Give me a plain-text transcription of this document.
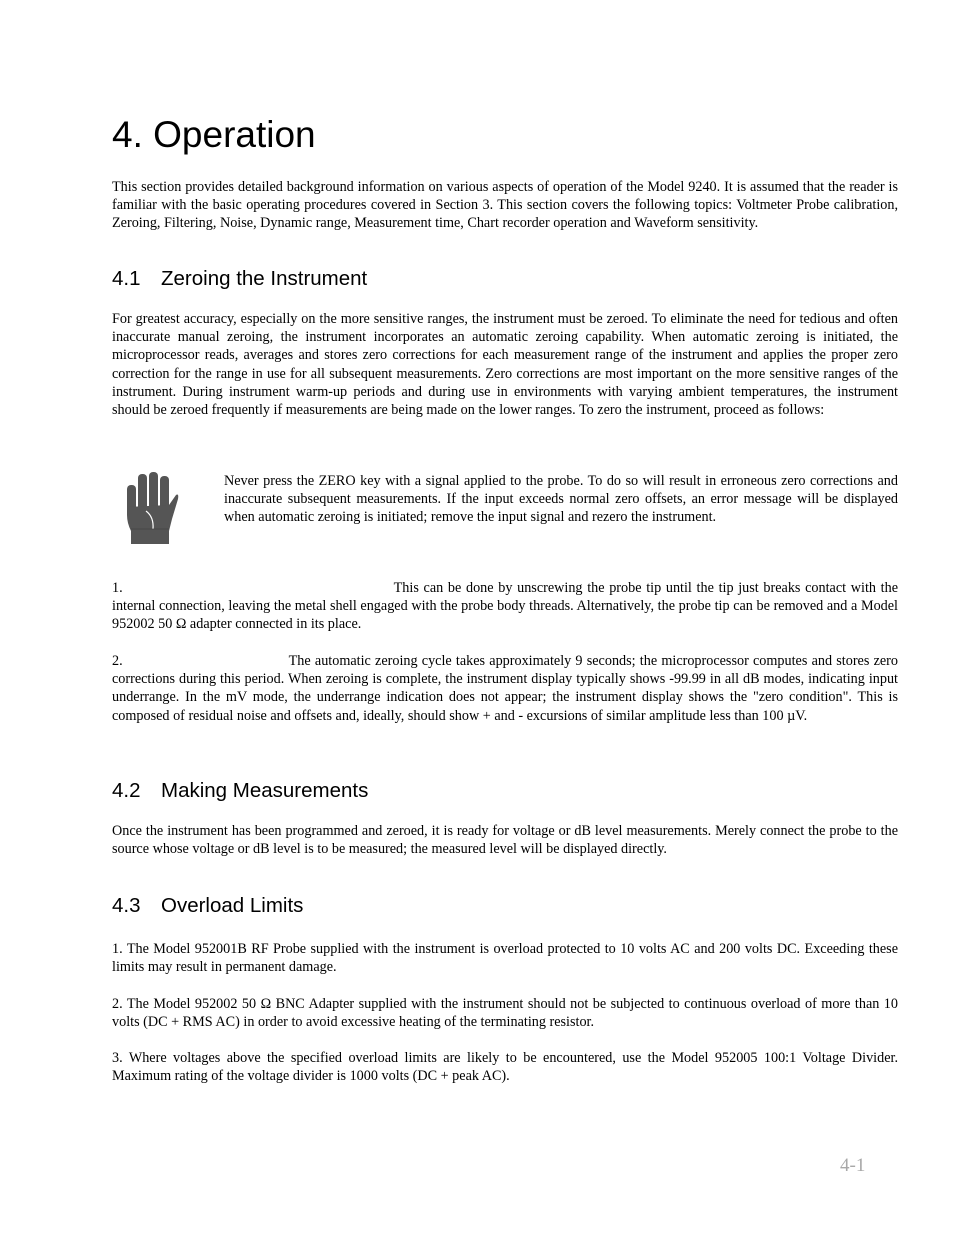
4. Operation

This section provides detailed background information on various aspects of operation of the Model 9240. It is assumed that the reader is familiar with the basic operating procedures covered in Section 3. This section covers the following topics: Voltmeter Probe calibration, Zeroing, Filtering, Noise, Dynamic range, Measurement time, Chart recorder operation and Waveform sensitivity.

4.1 Zeroing the Instrument

For greatest accuracy, especially on the more sensitive ranges, the instrument must be zeroed. To eliminate the need for tedious and often inaccurate manual zeroing, the instrument incorporates an automatic zeroing capability. When automatic zeroing is initiated, the microprocessor reads, averages and stores zero corrections for each measurement range of the instrument and applies the proper zero correction for the range in use for all subsequent measurements. Zero corrections are most important on the more sensitive ranges of the instrument. During instrument warm-up periods and during use in environments with varying ambient temperatures, the instrument should be zeroed frequently if measurements are being made on the lower ranges. To zero the instrument, proceed as follows:

Never press the ZERO key with a signal applied to the probe. To do so will result in erroneous zero corrections and inaccurate subsequent measurements. If the input exceeds normal zero offsets, an error message will be displayed when automatic zeroing is initiated; remove the input signal and rezero the instrument.

1.	This can be done by unscrewing the probe tip until the tip just breaks contact with the internal connection, leaving the metal shell engaged with the probe body threads. Alternatively, the probe tip can be removed and a Model 952002 50 Ω adapter connected in its place.

2.	The automatic zeroing cycle takes approximately 9 seconds; the microprocessor computes and stores zero corrections during this period. When zeroing is complete, the instrument display typically shows -99.99 in all dB modes, indicating input underrange. In the mV mode, the underrange indication does not appear; the instrument display shows the "zero condition". This is composed of residual noise and offsets and, ideally, should show + and - excursions of similar amplitude less than 100 µV.

4.2 Making Measurements

Once the instrument has been programmed and zeroed, it is ready for voltage or dB level measurements. Merely connect the probe to the source whose voltage or dB level is to be measured; the measured level will be displayed directly.

4.3 Overload Limits

1. The Model 952001B RF Probe supplied with the instrument is overload protected to 10 volts AC and 200 volts DC. Exceeding these limits may result in permanent damage.

2. The Model 952002 50 Ω BNC Adapter supplied with the instrument should not be subjected to continuous overload of more than 10 volts (DC + RMS AC) in order to avoid excessive heating of the terminating resistor.

3. Where voltages above the specified overload limits are likely to be encountered, use the Model 952005 100:1 Voltage Divider. Maximum rating of the voltage divider is 1000 volts (DC + peak AC).

4-1
